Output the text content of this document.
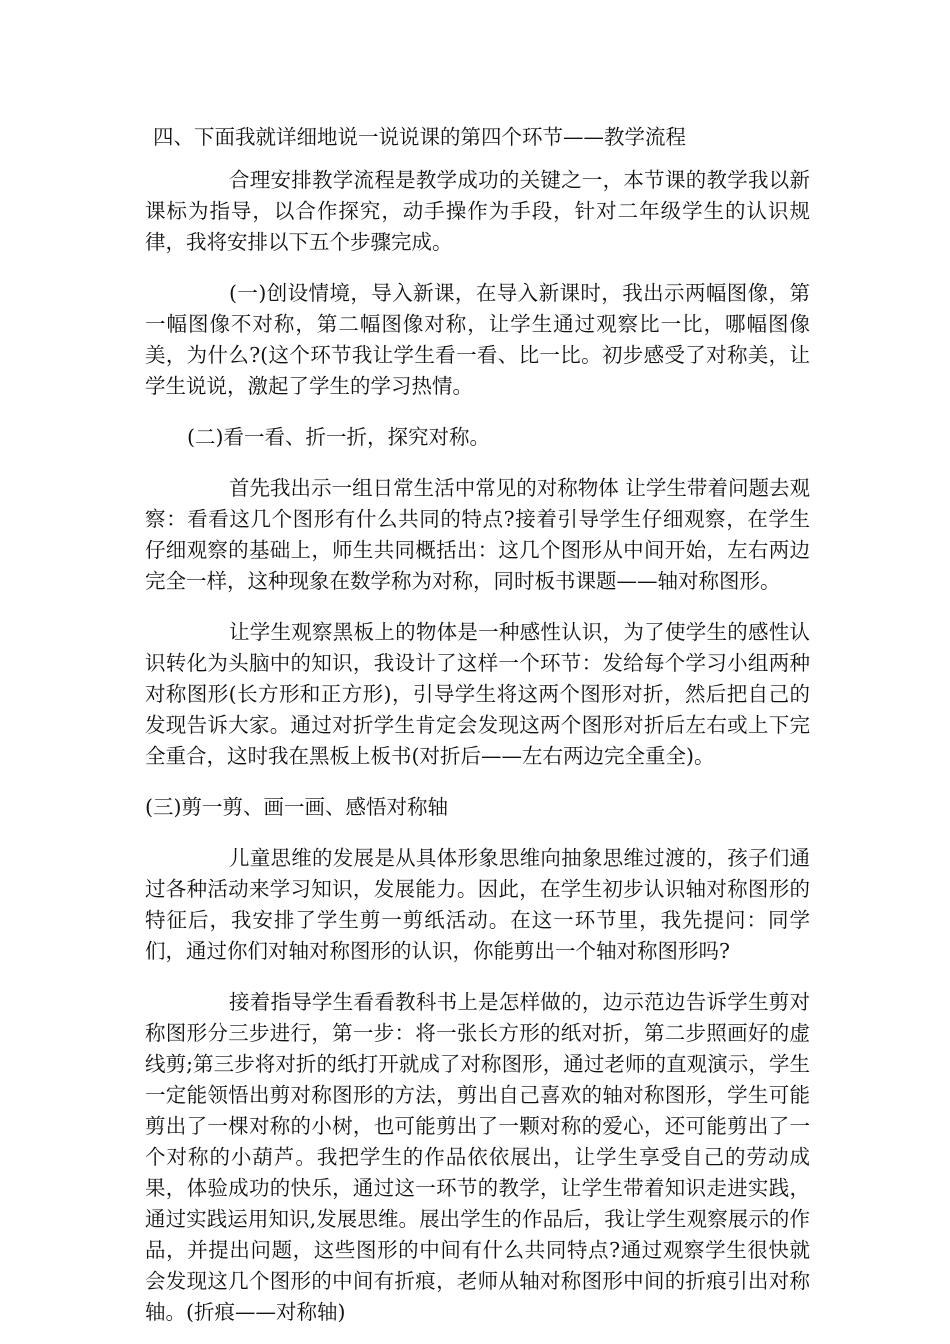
四、下面我就详细地说一说说课的第四个环节——教学流程

合理安排教学流程是教学成功的关键之一，本节课的教学我以新课标为指导，以合作探究，动手操作为手段，针对二年级学生的认识规律，我将安排以下五个步骤完成。

(一)创设情境，导入新课，在导入新课时，我出示两幅图像，第一幅图像不对称，第二幅图像对称，让学生通过观察比一比，哪幅图像美，为什么?(这个环节我让学生看一看、比一比。初步感受了对称美，让学生说说，激起了学生的学习热情。

(二)看一看、折一折，探究对称。

首先我出示一组日常生活中常见的对称物体 让学生带着问题去观察：看看这几个图形有什么共同的特点?接着引导学生仔细观察，在学生仔细观察的基础上，师生共同概括出：这几个图形从中间开始，左右两边完全一样，这种现象在数学称为对称，同时板书课题——轴对称图形。

让学生观察黑板上的物体是一种感性认识，为了使学生的感性认识转化为头脑中的知识，我设计了这样一个环节：发给每个学习小组两种对称图形(长方形和正方形)，引导学生将这两个图形对折，然后把自己的发现告诉大家。通过对折学生肯定会发现这两个图形对折后左右或上下完全重合，这时我在黑板上板书(对折后——左右两边完全重全)。

(三)剪一剪、画一画、感悟对称轴

儿童思维的发展是从具体形象思维向抽象思维过渡的，孩子们通过各种活动来学习知识，发展能力。因此，在学生初步认识轴对称图形的特征后，我安排了学生剪一剪纸活动。在这一环节里，我先提问：同学们，通过你们对轴对称图形的认识，你能剪出一个轴对称图形吗?

接着指导学生看看教科书上是怎样做的，边示范边告诉学生剪对称图形分三步进行，第一步：将一张长方形的纸对折，第二步照画好的虚线剪;第三步将对折的纸打开就成了对称图形，通过老师的直观演示，学生一定能领悟出剪对称图形的方法，剪出自己喜欢的轴对称图形，学生可能剪出了一棵对称的小树，也可能剪出了一颗对称的爱心，还可能剪出了一个对称的小葫芦。我把学生的作品依依展出，让学生享受自己的劳动成果，体验成功的快乐，通过这一环节的教学，让学生带着知识走进实践，通过实践运用知识,发展思维。展出学生的作品后，我让学生观察展示的作品，并提出问题，这些图形的中间有什么共同特点?通过观察学生很快就会发现这几个图形的中间有折痕，老师从轴对称图形中间的折痕引出对称轴。(折痕——对称轴)
